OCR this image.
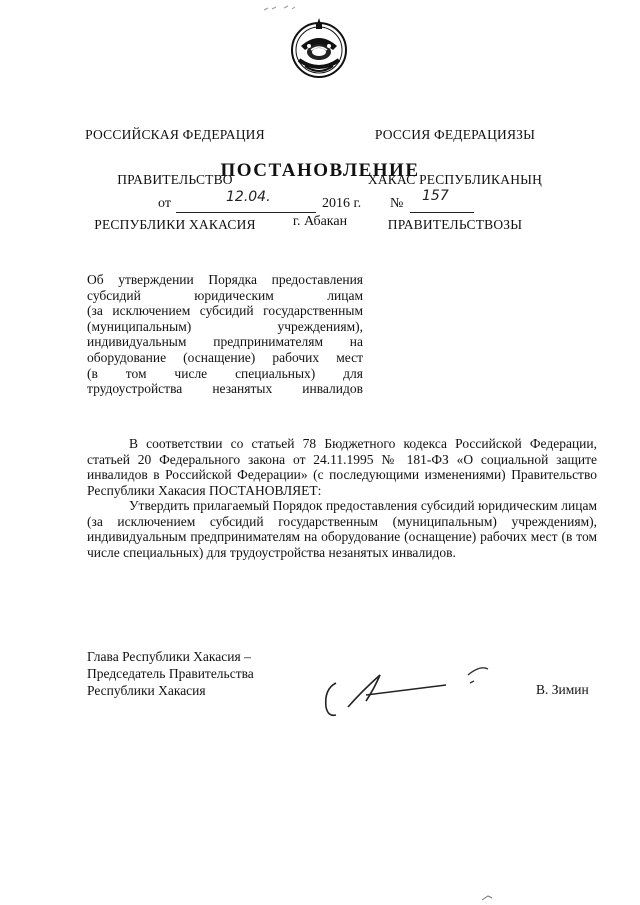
РОССИЙСКАЯ ФЕДЕРАЦИЯ

ПРАВИТЕЛЬСТВО

РЕСПУБЛИКИ ХАКАСИЯ

РОССИЯ ФЕДЕРАЦИЯЗЫ

ХАКАС РЕСПУБЛИКАНЫҢ

ПРАВИТЕЛЬСТВОЗЫ

ПОСТАНОВЛЕНИЕ
от	12.04.	2016 г. № 157
г. Абакан
Об утверждении Порядка предоставления
субсидий юридическим лицам
(за исключением субсидий государственным
(муниципальным) учреждениям),
индивидуальным предпринимателям на
оборудование (оснащение) рабочих мест
(в том числе специальных) для
трудоустройства незанятых инвалидов

В соответствии со статьей 78 Бюджетного кодекса Российской Федерации, статьей 20 Федерального закона от 24.11.1995 № 181-ФЗ «О социальной защите инвалидов в Российской Федерации» (с последующими изменениями) Правительство Республики Хакасия ПОСТАНОВЛЯЕТ:

Утвердить прилагаемый Порядок предоставления субсидий юридическим лицам (за исключением субсидий государственным (муниципальным) учреждениям), индивидуальным предпринимателям на оборудование (оснащение) рабочих мест (в том числе специальных) для трудоустройства незанятых инвалидов.

Глава Республики Хакасия –
Председатель Правительства
Республики Хакасия	В. Зимин
